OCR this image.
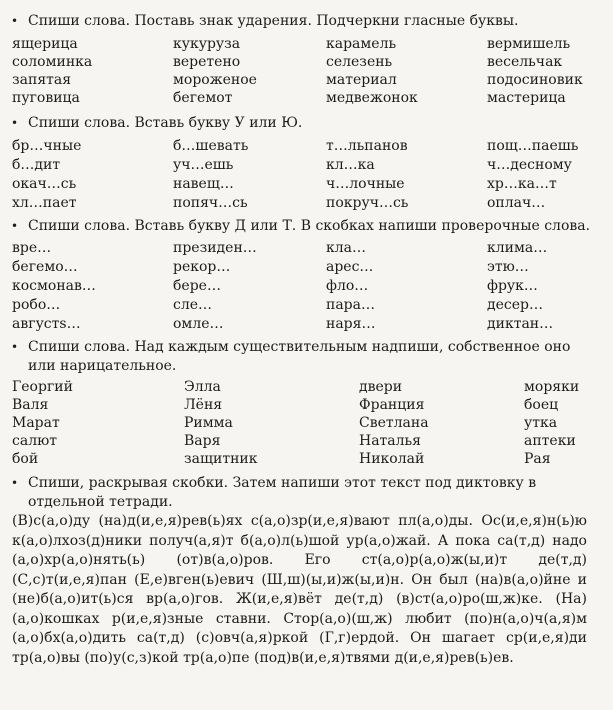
• Спиши слова. Поставь знак ударения. Подчеркни гласные буквы.
ящерица	кукуруза	карамель	вермишель
соломинка	веретено	селезень	весельчак
запятая	мороженое	материал	подосиновик
пуговица	бегемот	медвежонок	мастерица
• Спиши слова. Вставь букву У или Ю.
бр…чные	б…шевать	т…льпанов	пощ…паешь
б…дит	уч…ешь	кл…ка	ч…десному
окач…сь	навещ…	ч…лочные	хр…ка…т
хл…пает	попяч…сь	покруч…сь	оплач…
• Спиши слова. Вставь букву Д или Т. В скобках напиши проверочные слова.
вре…	президен…	кла…	клима…
бегемо…	рекор…	арес…	этю…
космонав…	бере…	фло…	фрук…
робо…	сле…	пара…	десер…
августs…	омле…	наря…	диктан…
• Спиши слова. Над каждым существительным надпиши, собственное оно или нарицательное.
Георгий	Элла	двери	моряки
Валя	Лёня	Франция	боец
Марат	Римма	Светлана	утка
салют	Варя	Наталья	аптеки
бой	защитник	Николай	Рая
• Спиши, раскрывая скобки. Затем напиши этот текст под диктовку в отдельной тетради.
(В)с(а,о)ду (на)д(и,е,я)рев(ь)ях с(а,о)зр(и,е,я)вают пл(а,о)ды. Ос(и,е,я)н(ь)ю к(а,о)лхоз(д)ники получ(а,я)т б(а,о)л(ь)шой ур(а,о)жай. А пока са(т,д) надо (а,о)хр(а,о)нять(ь) (от)в(а,о)ров. Его ст(а,о)р(а,о)ж(ы,и)т де(т,д) (С,с)т(и,е,я)пан (Е,е)вген(ь)евич (Ш,ш)(ы,и)ж(ы,и)н. Он был (на)в(а,о)йне и (не)б(а,о)ит(ь)ся вр(а,о)гов. Ж(и,е,я)вёт де(т,д) (в)ст(а,о)ро(ш,ж)ке. (На)(а,о)кошках р(и,е,я)зные ставни. Стор(а,о)(ш,ж) любит (по)н(а,о)ч(а,я)м (а,о)бх(а,о)дить са(т,д) (с)овч(а,я)ркой (Г,г)ердой. Он шагает ср(и,е,я)ди тр(а,о)вы (по)у(с,з)кой тр(а,о)пе (под)в(и,е,я)твями д(и,е,я)рев(ь)ев.
